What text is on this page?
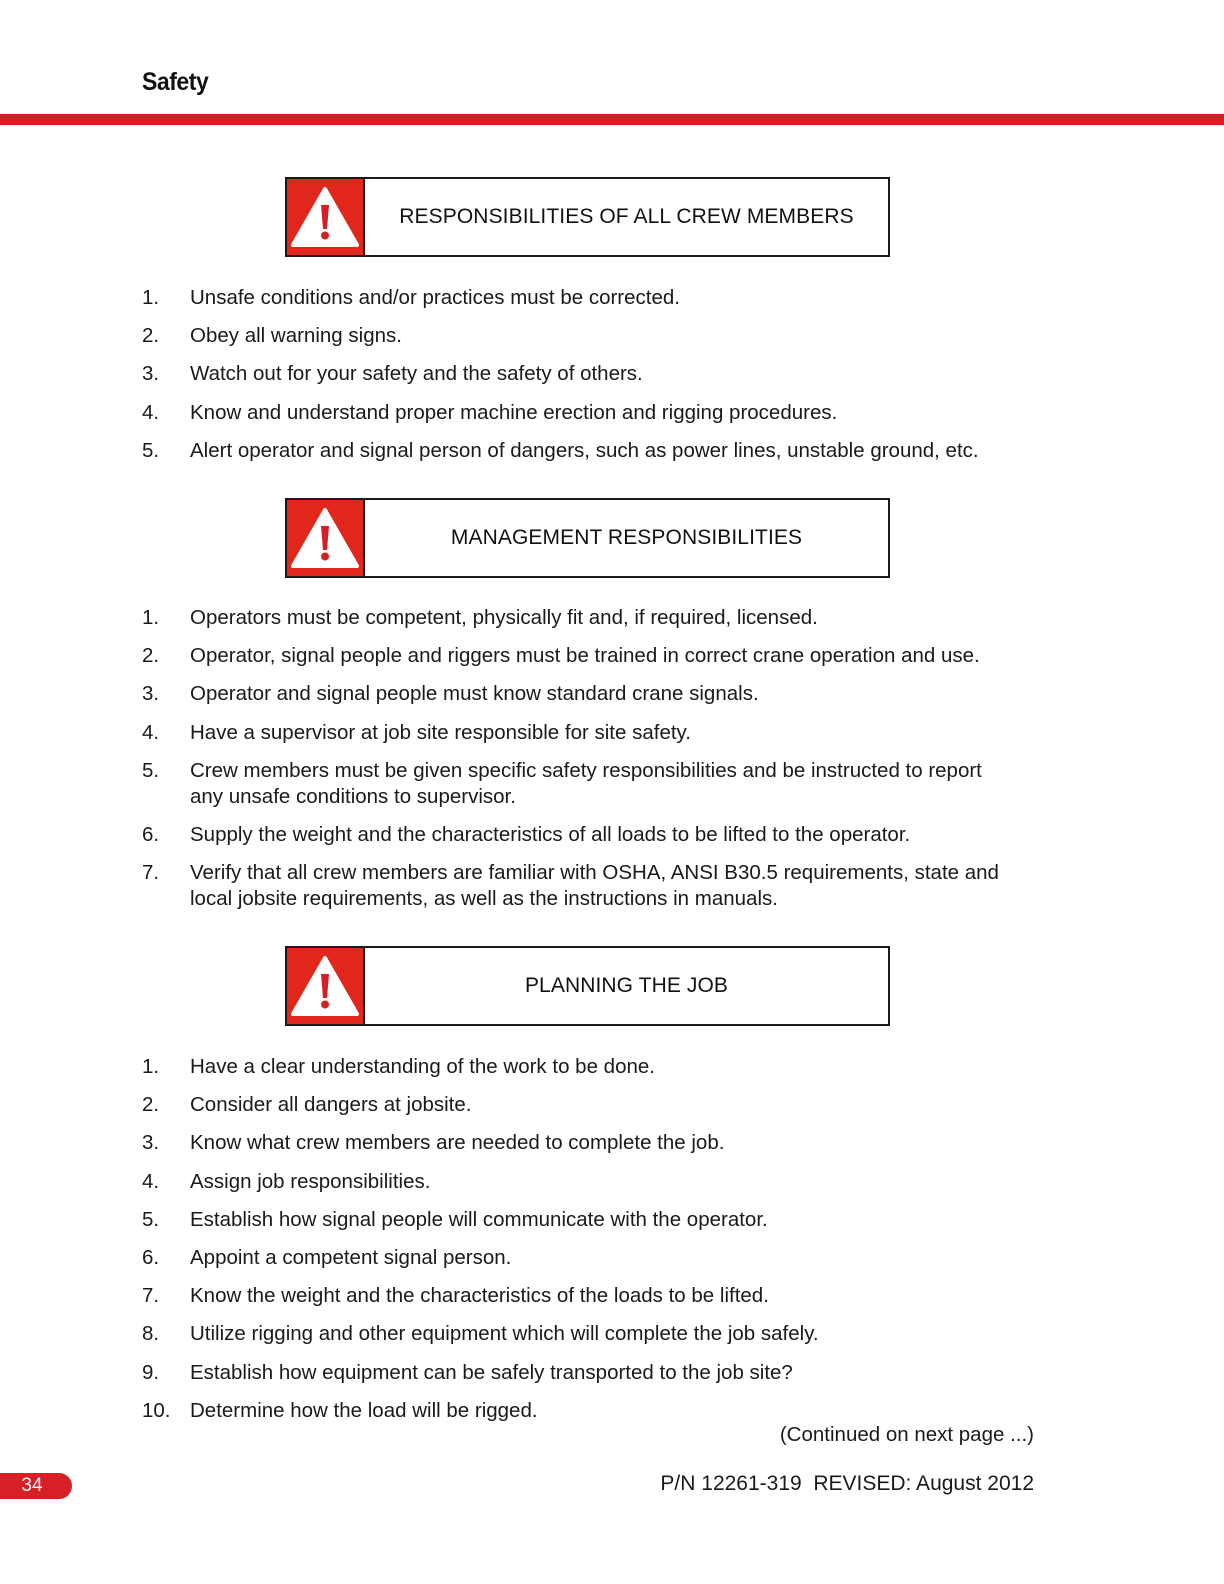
Safety
RESPONSIBILITIES OF ALL CREW MEMBERS
1.	Unsafe conditions and/or practices must be corrected.
2.	Obey all warning signs.
3.	Watch out for your safety and the safety of others.
4.	Know and understand proper machine erection and rigging procedures.
5.	Alert operator and signal person of dangers, such as power lines, unstable ground, etc.
MANAGEMENT RESPONSIBILITIES
1.	Operators must be competent, physically fit and, if required, licensed.
2.	Operator, signal people and riggers must be trained in correct crane operation and use.
3.	Operator and signal people must know standard crane signals.
4.	Have a supervisor at job site responsible for site safety.
5.	Crew members must be given specific safety responsibilities and be instructed to report any unsafe conditions to supervisor.
6.	Supply the weight and the characteristics of all loads to be lifted to the operator.
7.	Verify that all crew members are familiar with OSHA, ANSI B30.5 requirements, state and local jobsite requirements, as well as the instructions in manuals.
PLANNING THE JOB
1.	Have a clear understanding of the work to be done.
2.	Consider all dangers at jobsite.
3.	Know what crew members are needed to complete the job.
4.	Assign job responsibilities.
5.	Establish how signal people will communicate with the operator.
6.	Appoint a competent signal person.
7.	Know the weight and the characteristics of the loads to be lifted.
8.	Utilize rigging and other equipment which will complete the job safely.
9.	Establish how equipment can be safely transported to the job site?
10. Determine how the load will be rigged.
(Continued on next page ...)
34	P/N 12261-319  REVISED: August 2012
